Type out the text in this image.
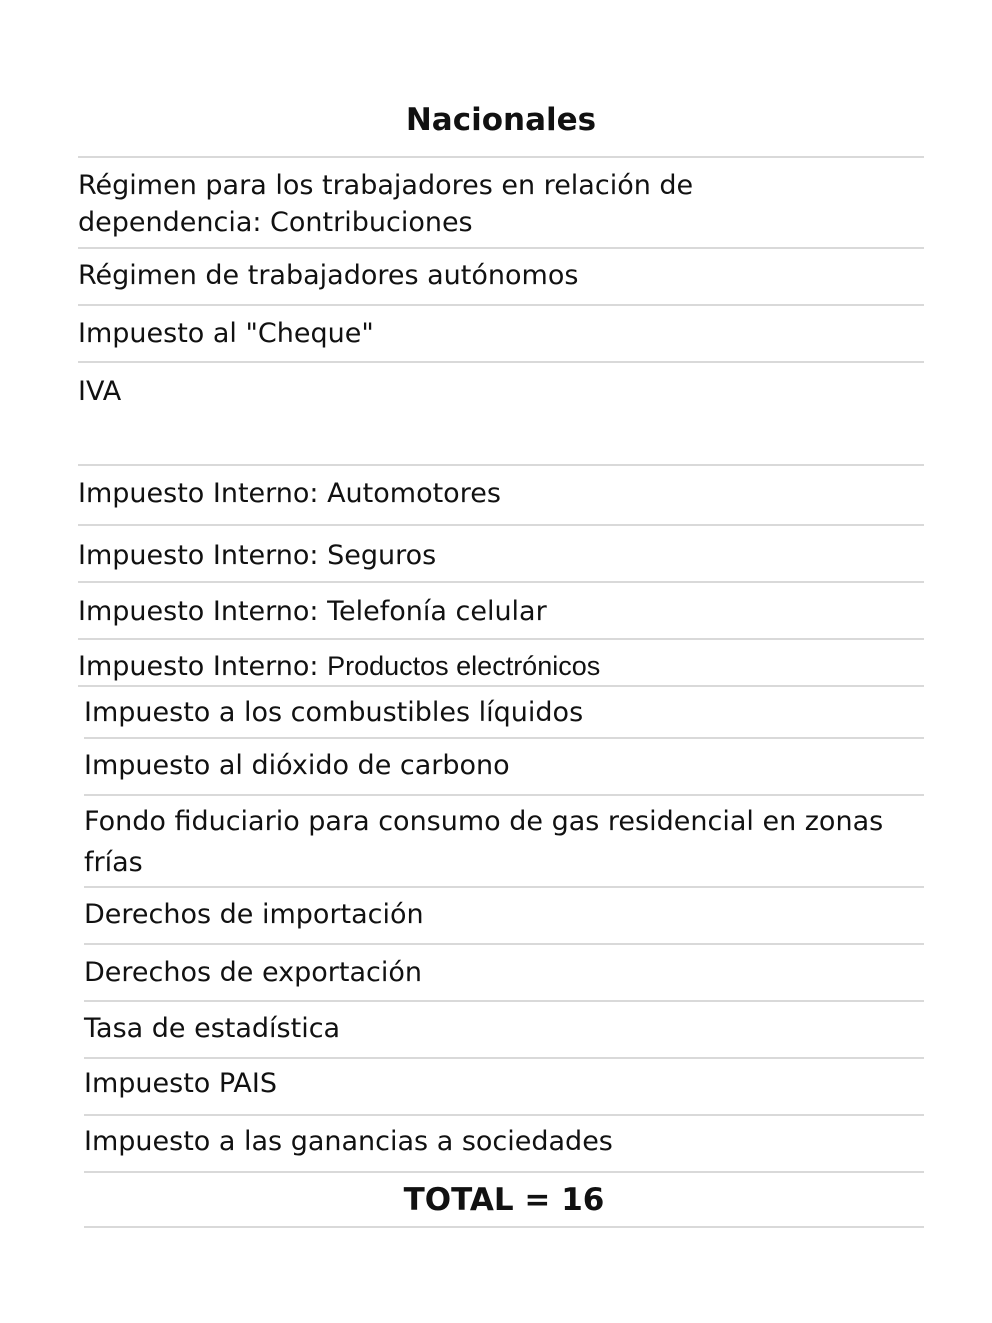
Nacionales
Régimen para los trabajadores en relación de dependencia: Contribuciones
Régimen de trabajadores autónomos
Impuesto al "Cheque"
IVA
Impuesto Interno: Automotores
Impuesto Interno: Seguros
Impuesto Interno: Telefonía celular
Impuesto Interno: Productos electrónicos
Impuesto a los combustibles líquidos
Impuesto al dióxido de carbono
Fondo fiduciario para consumo de gas residencial en zonas frías
Derechos de importación
Derechos de exportación
Tasa de estadística
Impuesto PAIS
Impuesto a las ganancias a sociedades
TOTAL = 16
